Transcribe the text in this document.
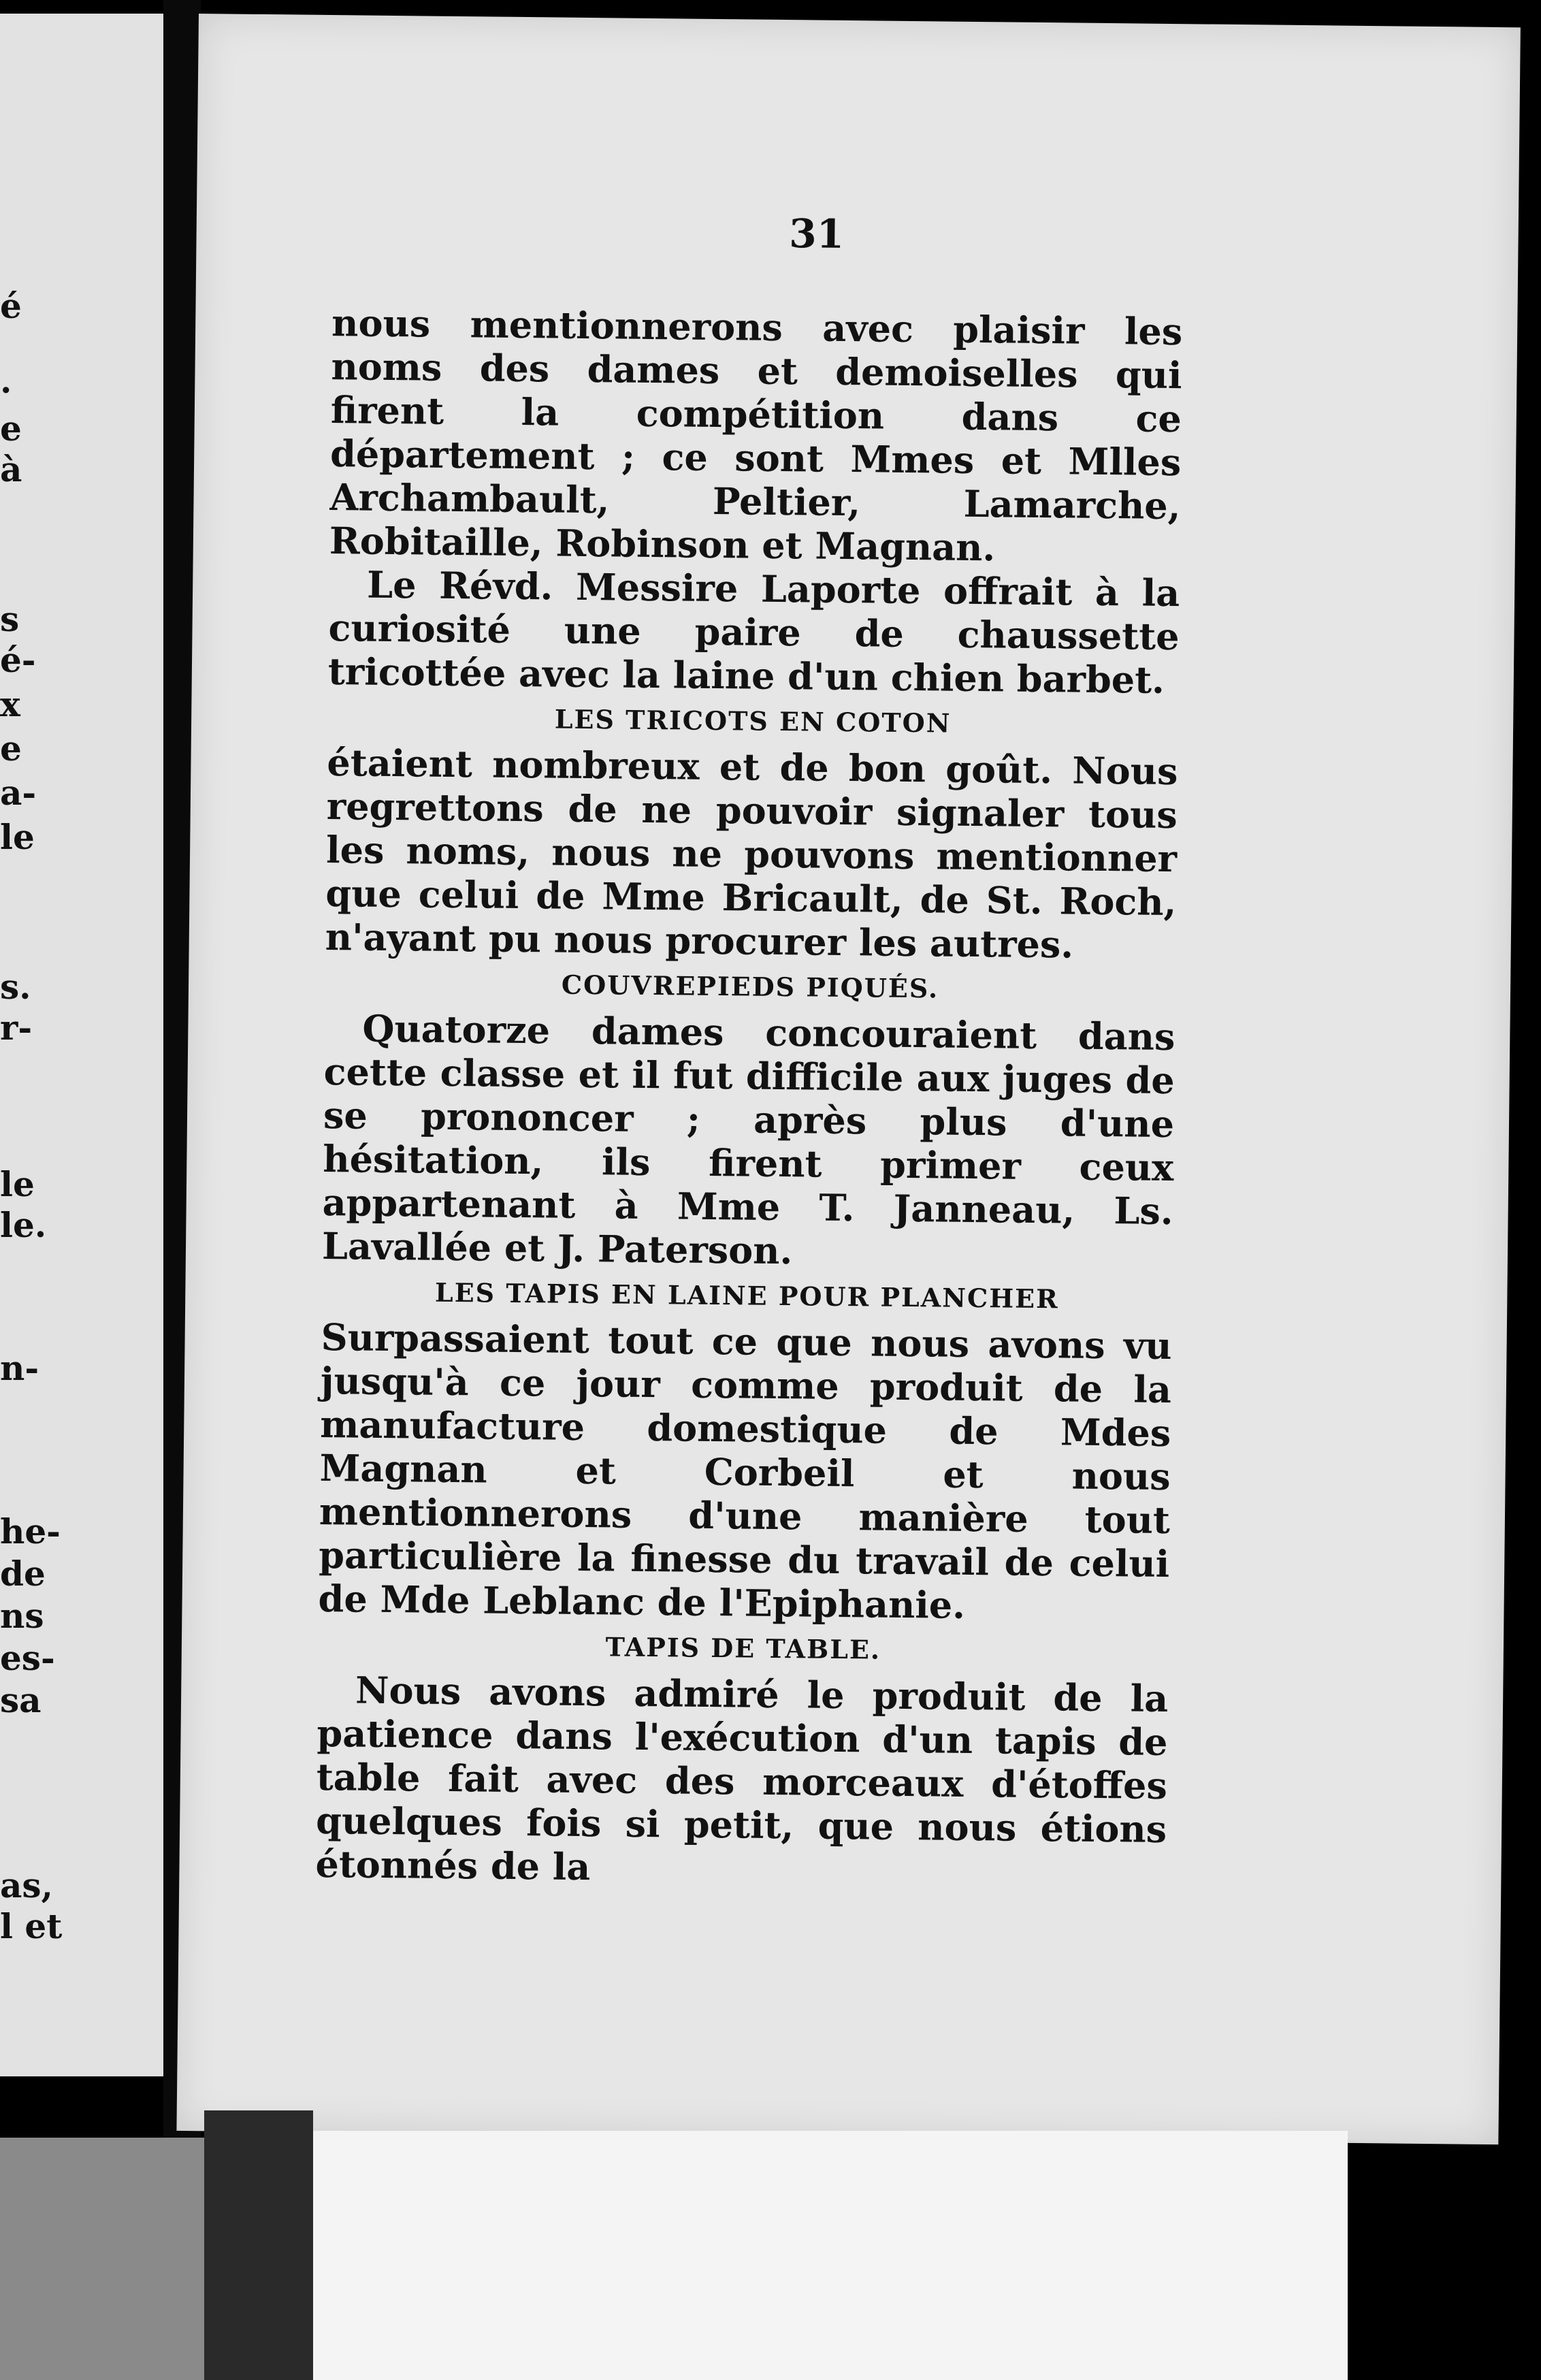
é
.
e
à
s
é-
x
e
a-
le
s.
r-
le
le.
n-
he-
de
ns
es-
sa
as,
l et
31

nous mentionnerons avec plaisir les noms des dames et demoiselles qui firent la compétition dans ce département ; ce sont Mmes et Mlles Archambault, Peltier, Lamarche, Robitaille, Robinson et Magnan.

Le Révd. Messire Laporte offrait à la curiosité une paire de chaussette tricottée avec la laine d'un chien barbet.

LES TRICOTS EN COTON

étaient nombreux et de bon goût. Nous regrettons de ne pouvoir signaler tous les noms, nous ne pouvons mentionner que celui de Mme Bricault, de St. Roch, n'ayant pu nous procurer les autres.

COUVREPIEDS PIQUÉS.

Quatorze dames concouraient dans cette classe et il fut difficile aux juges de se prononcer ; après plus d'une hésitation, ils firent primer ceux appartenant à Mme T. Janneau, Ls. Lavallée et J. Paterson.

LES TAPIS EN LAINE POUR PLANCHER

Surpassaient tout ce que nous avons vu jusqu'à ce jour comme produit de la manufacture domestique de Mdes Magnan et Corbeil et nous mentionnerons d'une manière tout particulière la finesse du travail de celui de Mde Leblanc de l'Epiphanie.

TAPIS DE TABLE.

Nous avons admiré le produit de la patience dans l'exécution d'un tapis de table fait avec des morceaux d'étoffes quelques fois si petit, que nous étions étonnés de la
